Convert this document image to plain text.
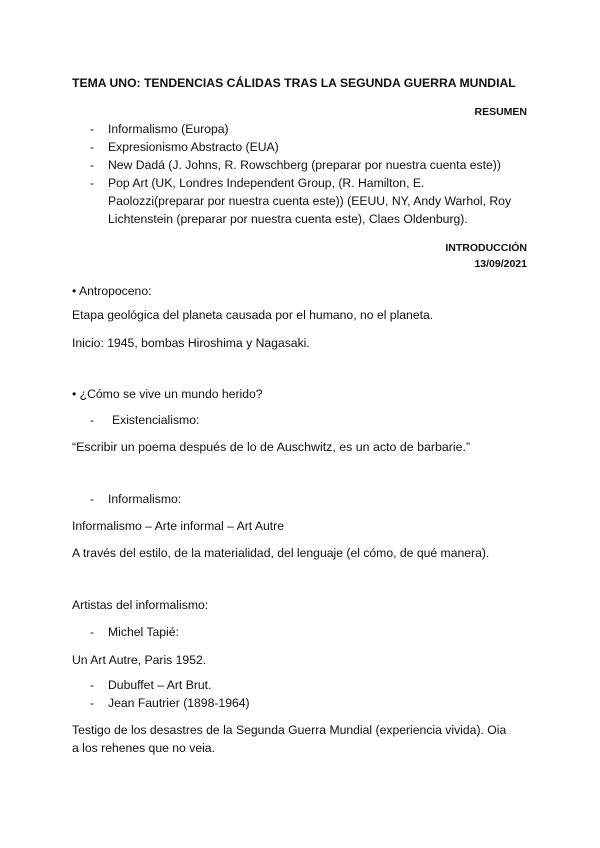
TEMA UNO: TENDENCIAS CÁLIDAS TRAS LA SEGUNDA GUERRA MUNDIAL
RESUMEN
- Informalismo (Europa)
- Expresionismo Abstracto (EUA)
- New Dadá (J. Johns, R. Rowschberg (preparar por nuestra cuenta este))
- Pop Art (UK, Londres Independent Group, (R. Hamilton, E.
Paolozzi(preparar por nuestra cuenta este)) (EEUU, NY, Andy Warhol, Roy
Lichtenstein (preparar por nuestra cuenta este), Claes Oldenburg).
INTRODUCCIÓN
13/09/2021
• Antropoceno:
Etapa geológica del planeta causada por el humano, no el planeta.
Inicio: 1945, bombas Hiroshima y Nagasaki.
• ¿Cómo se vive un mundo herido?
- Existencialismo:
“Escribir un poema después de lo de Auschwitz, es un acto de barbarie.”
- Informalismo:
Informalismo – Arte informal – Art Autre
A través del estilo, de la materialidad, del lenguaje (el cómo, de qué manera).
Artistas del informalismo:
- Michel Tapié:
Un Art Autre, Paris 1952.
- Dubuffet – Art Brut.
- Jean Fautrier (1898-1964)
Testigo de los desastres de la Segunda Guerra Mundial (experiencia vivida). Oia
a los rehenes que no veia.
